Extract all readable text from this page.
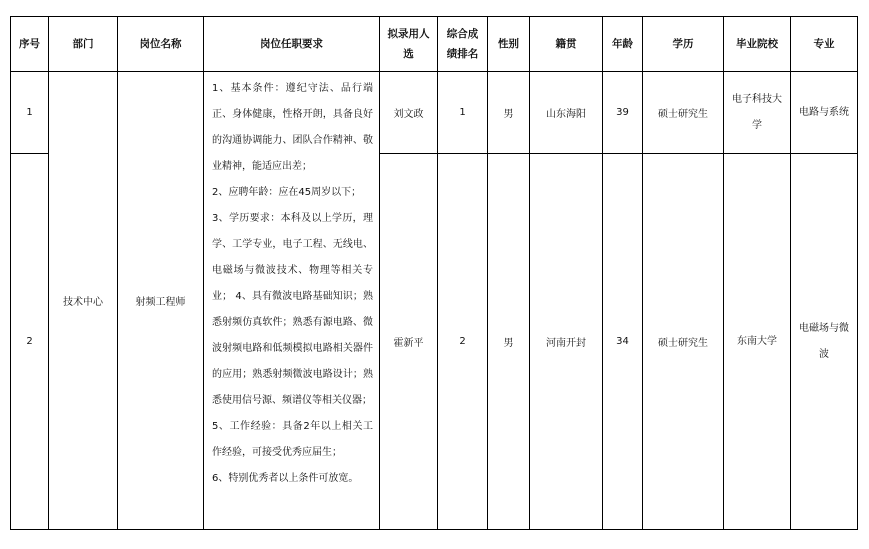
序号	部门	岗位名称	岗位任职要求	拟录用人选	综合成绩排名	性别	籍贯	年龄	学历	毕业院校	专业
1	技术中心	射频工程师	1、基本条件：遵纪守法、品行端正、身体健康，性格开朗，具备良好的沟通协调能力、团队合作精神、敬业精神，能适应出差；
2、应聘年龄：应在45周岁以下；
3、学历要求：本科及以上学历，理学、工学专业，电子工程、无线电、电磁场与微波技术、物理等相关专业； 4、具有微波电路基础知识；熟悉射频仿真软件；熟悉有源电路、微波射频电路和低频模拟电路相关器件的应用；熟悉射频微波电路设计；熟悉使用信号源、频谱仪等相关仪器；
5、工作经验：具备2年以上相关工作经验，可接受优秀应届生；
6、特别优秀者以上条件可放宽。	刘文政	1	男	山东海阳	39	硕士研究生	电子科技大学	电路与系统
2				霍新平	2	男	河南开封	34	硕士研究生	东南大学	电磁场与微波
